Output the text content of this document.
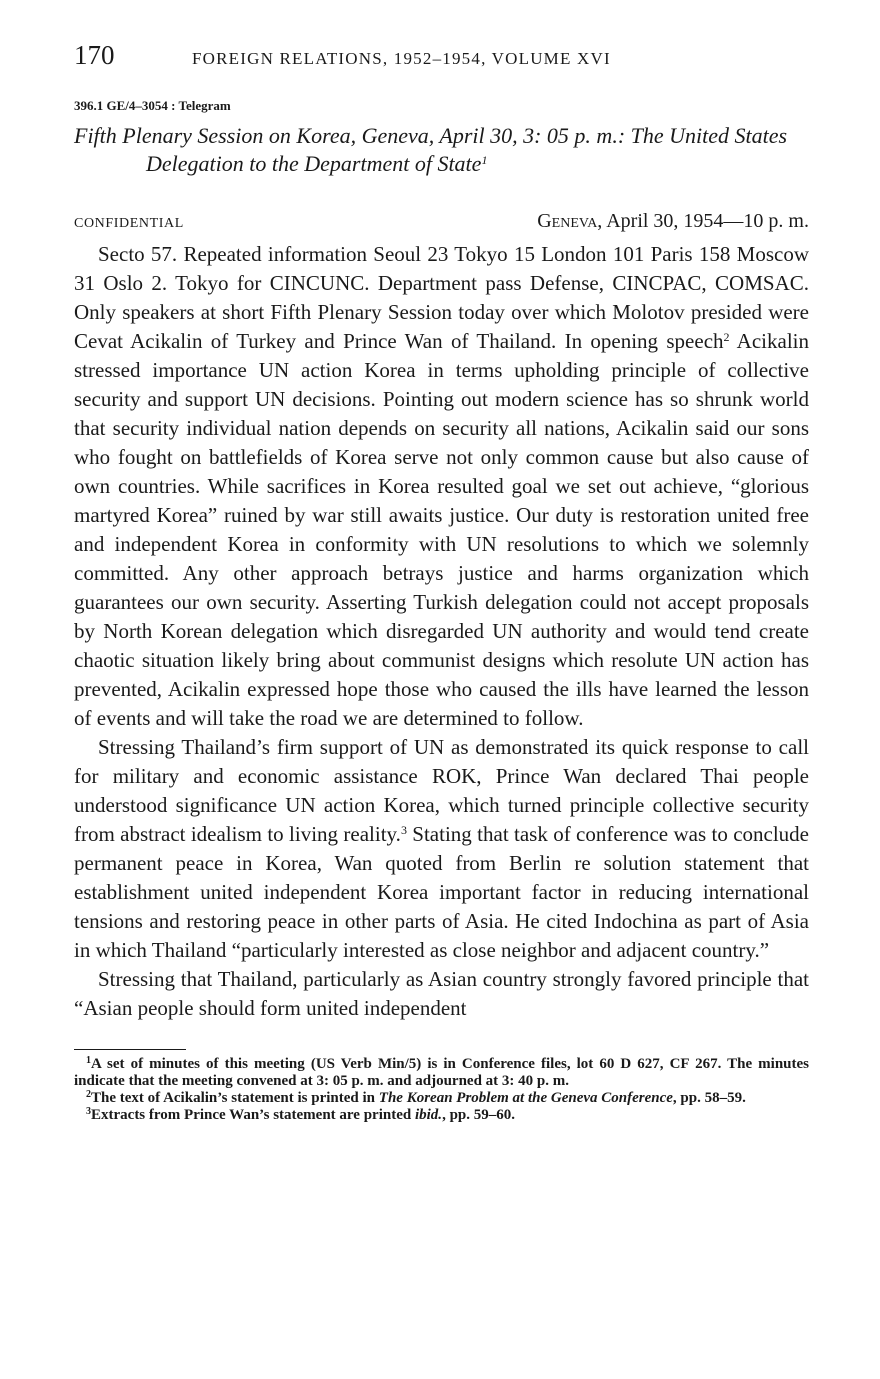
170	FOREIGN RELATIONS, 1952–1954, VOLUME XVI
396.1 GE/4–3054 : Telegram
Fifth Plenary Session on Korea, Geneva, April 30, 3: 05 p. m.: The United States Delegation to the Department of State$^1$
CONFIDENTIAL	Geneva, April 30, 1954—10 p. m.

Secto 57. Repeated information Seoul 23 Tokyo 15 London 101 Paris 158 Moscow 31 Oslo 2. Tokyo for CINCUNC. Department pass Defense, CINCPAC, COMSAC. Only speakers at short Fifth Plenary Session today over which Molotov presided were Cevat Acikalin of Turkey and Prince Wan of Thailand. In opening speech$^2$ Acikalin stressed importance UN action Korea in terms upholding principle of collective security and support UN decisions. Pointing out modern science has so shrunk world that security individual nation depends on security all nations, Acikalin said our sons who fought on battlefields of Korea serve not only common cause but also cause of own countries. While sacrifices in Korea resulted goal we set out achieve, “glorious martyred Korea” ruined by war still awaits justice. Our duty is restoration united free and independent Korea in conformity with UN resolutions to which we solemnly committed. Any other approach betrays justice and harms organization which guarantees our own security. Asserting Turkish delegation could not accept proposals by North Korean delegation which disregarded UN authority and would tend create chaotic situation likely bring about communist designs which resolute UN action has prevented, Acikalin expressed hope those who caused the ills have learned the lesson of events and will take the road we are determined to follow.

Stressing Thailand’s firm support of UN as demonstrated its quick response to call for military and economic assistance ROK, Prince Wan declared Thai people understood significance UN action Korea, which turned principle collective security from abstract idealism to living reality.$^3$ Stating that task of conference was to conclude permanent peace in Korea, Wan quoted from Berlin re solution statement that establishment united independent Korea important factor in reducing international tensions and restoring peace in other parts of Asia. He cited Indochina as part of Asia in which Thailand “particularly interested as close neighbor and adjacent country.”

Stressing that Thailand, particularly as Asian country strongly favored principle that “Asian people should form united independent

$^1$A set of minutes of this meeting (US Verb Min/5) is in Conference files, lot 60 D 627, CF 267. The minutes indicate that the meeting convened at 3: 05 p. m. and adjourned at 3: 40 p. m.

$^2$The text of Acikalin’s statement is printed in The Korean Problem at the Geneva Conference, pp. 58–59.

$^3$Extracts from Prince Wan’s statement are printed ibid., pp. 59–60.
